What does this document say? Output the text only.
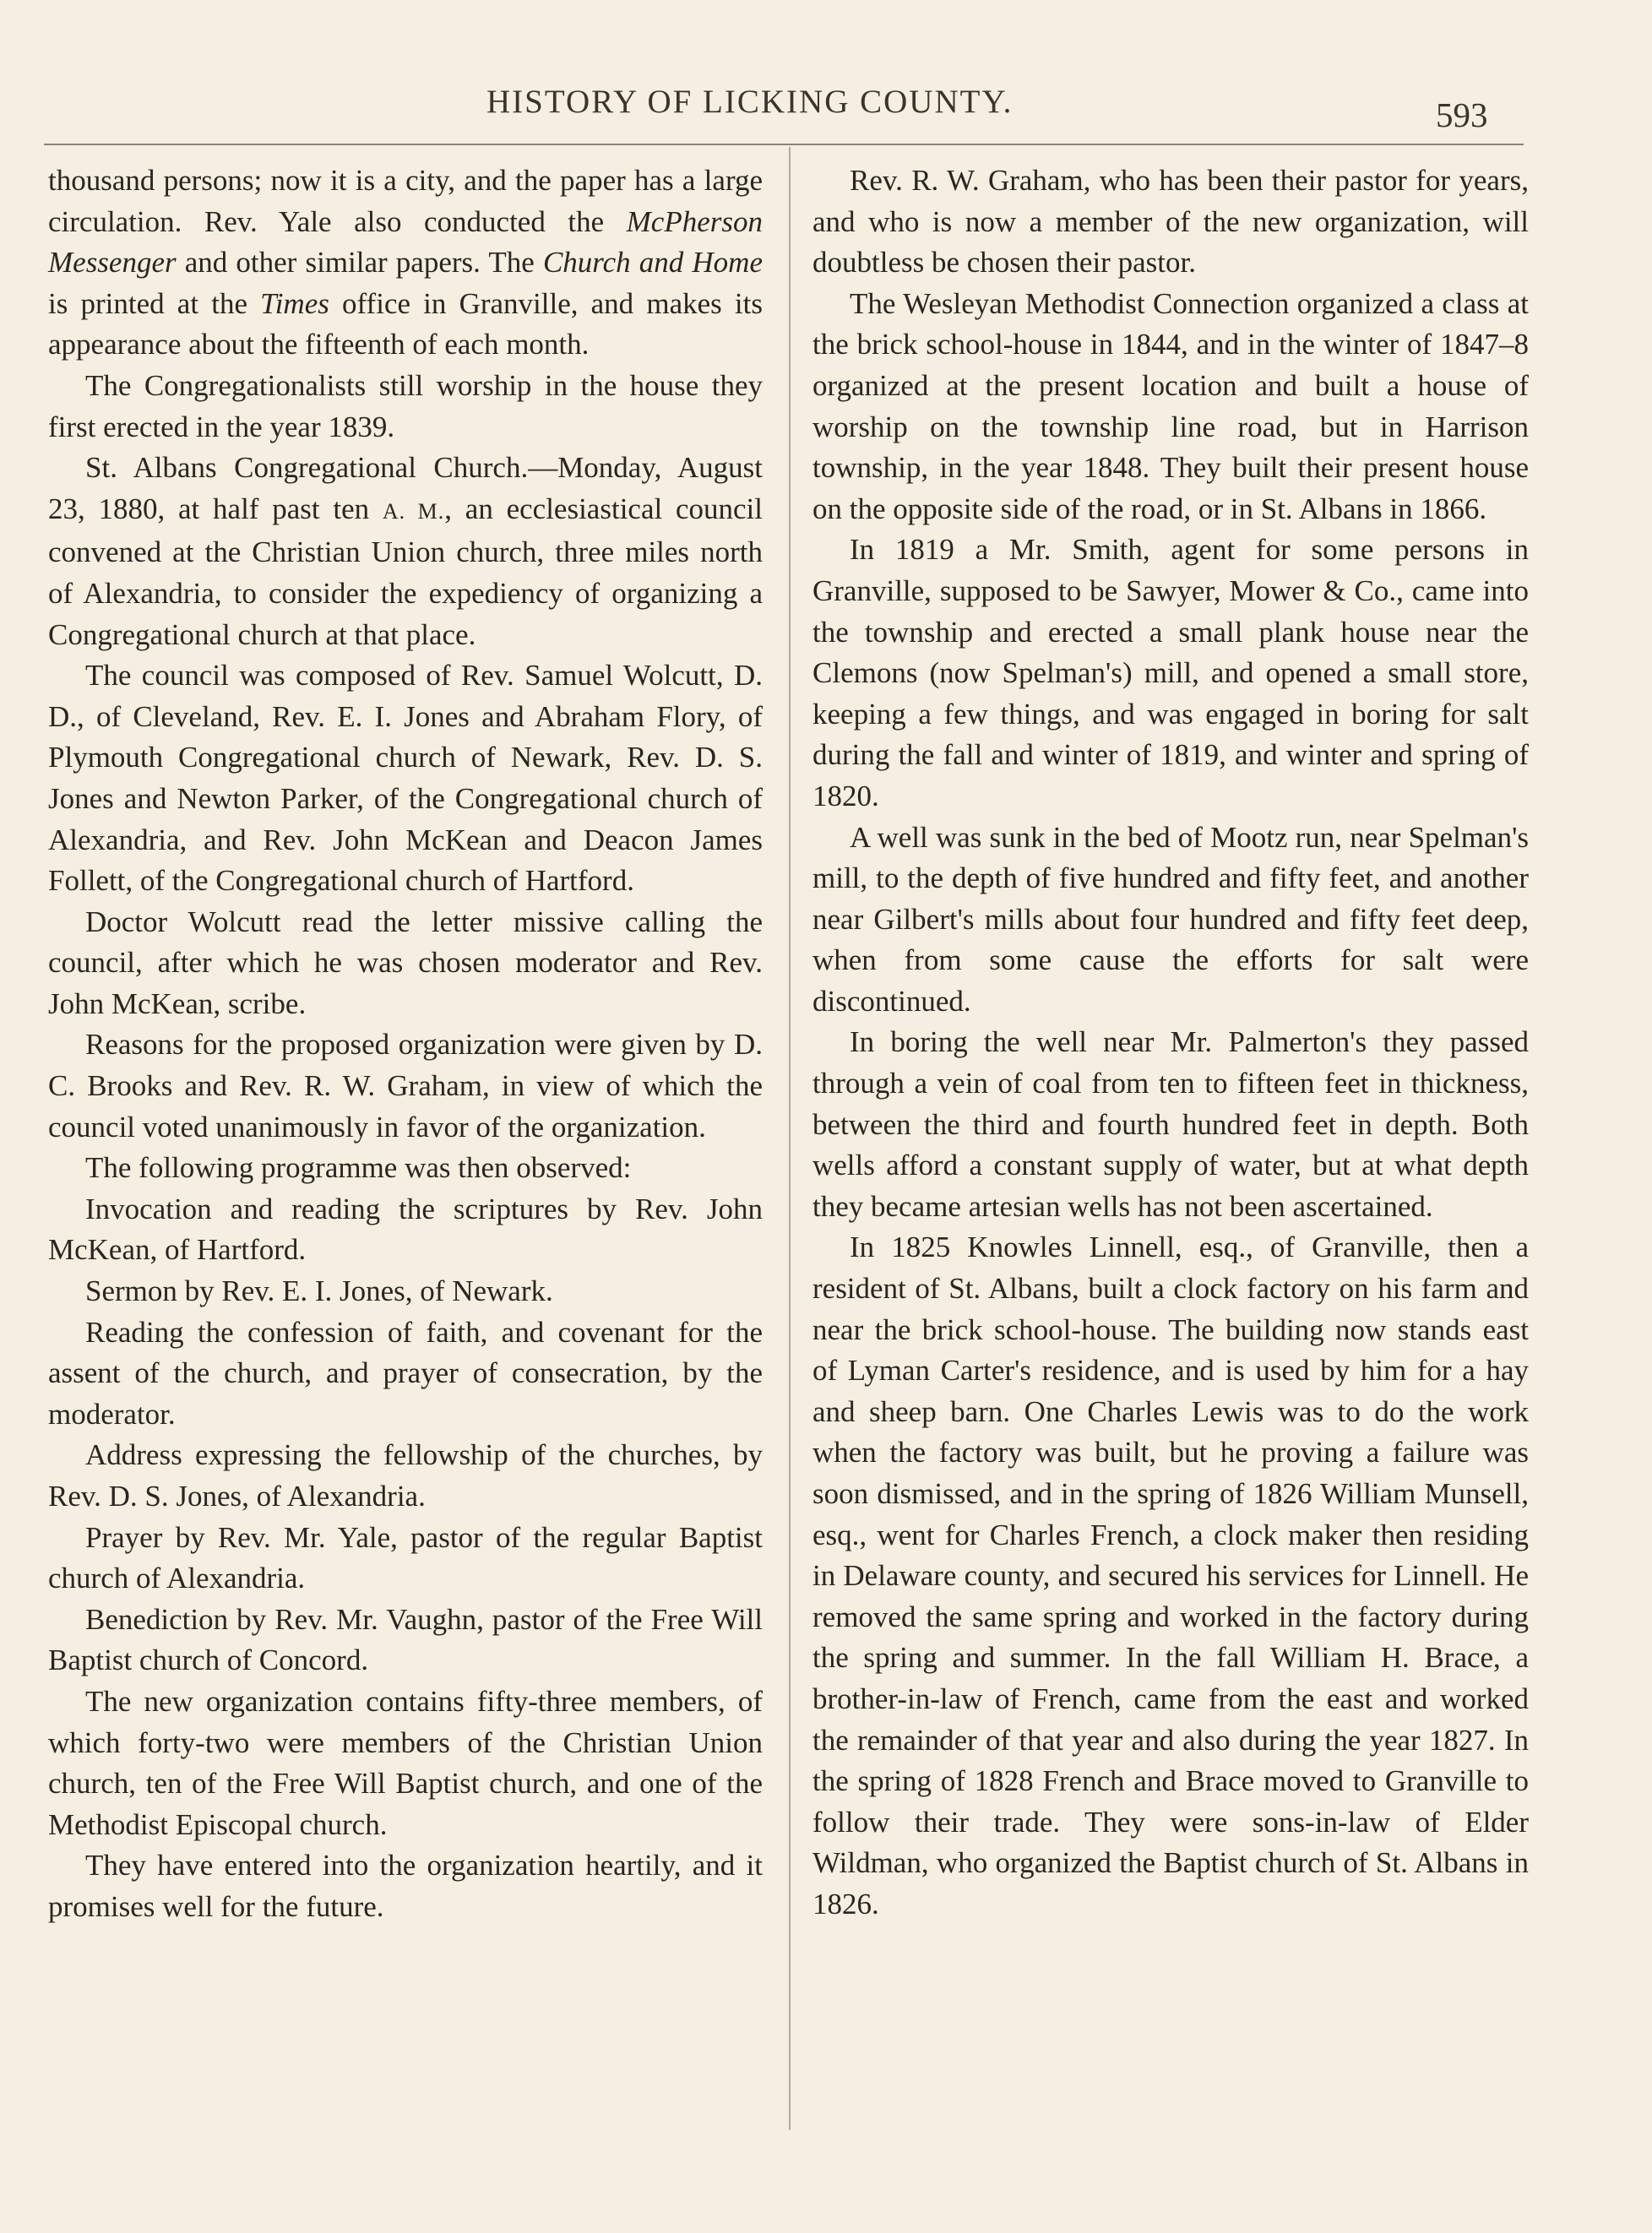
HISTORY OF LICKING COUNTY.	593

thousand persons; now it is a city, and the paper has a large circulation. Rev. Yale also conducted the McPherson Messenger and other similar papers. The Church and Home is printed at the Times office in Granville, and makes its appearance about the fifteenth of each month.

The Congregationalists still worship in the house they first erected in the year 1839.

St. Albans Congregational Church.—Monday, August 23, 1880, at half past ten A. M., an ecclesiastical council convened at the Christian Union church, three miles north of Alexandria, to consider the expediency of organizing a Congregational church at that place.

The council was composed of Rev. Samuel Wolcutt, D. D., of Cleveland, Rev. E. I. Jones and Abraham Flory, of Plymouth Congregational church of Newark, Rev. D. S. Jones and Newton Parker, of the Congregational church of Alexandria, and Rev. John McKean and Deacon James Follett, of the Congregational church of Hartford.

Doctor Wolcutt read the letter missive calling the council, after which he was chosen moderator and Rev. John McKean, scribe.

Reasons for the proposed organization were given by D. C. Brooks and Rev. R. W. Graham, in view of which the council voted unanimously in favor of the organization.

The following programme was then observed:

Invocation and reading the scriptures by Rev. John McKean, of Hartford.

Sermon by Rev. E. I. Jones, of Newark.

Reading the confession of faith, and covenant for the assent of the church, and prayer of consecration, by the moderator.

Address expressing the fellowship of the churches, by Rev. D. S. Jones, of Alexandria.

Prayer by Rev. Mr. Yale, pastor of the regular Baptist church of Alexandria.

Benediction by Rev. Mr. Vaughn, pastor of the Free Will Baptist church of Concord.

The new organization contains fifty-three members, of which forty-two were members of the Christian Union church, ten of the Free Will Baptist church, and one of the Methodist Episcopal church.

They have entered into the organization heartily, and it promises well for the future.

Rev. R. W. Graham, who has been their pastor for years, and who is now a member of the new organization, will doubtless be chosen their pastor.

The Wesleyan Methodist Connection organized a class at the brick school-house in 1844, and in the winter of 1847–8 organized at the present location and built a house of worship on the township line road, but in Harrison township, in the year 1848. They built their present house on the opposite side of the road, or in St. Albans in 1866.

In 1819 a Mr. Smith, agent for some persons in Granville, supposed to be Sawyer, Mower & Co., came into the township and erected a small plank house near the Clemons (now Spelman's) mill, and opened a small store, keeping a few things, and was engaged in boring for salt during the fall and winter of 1819, and winter and spring of 1820.

A well was sunk in the bed of Mootz run, near Spelman's mill, to the depth of five hundred and fifty feet, and another near Gilbert's mills about four hundred and fifty feet deep, when from some cause the efforts for salt were discontinued.

In boring the well near Mr. Palmerton's they passed through a vein of coal from ten to fifteen feet in thickness, between the third and fourth hundred feet in depth. Both wells afford a constant supply of water, but at what depth they became artesian wells has not been ascertained.

In 1825 Knowles Linnell, esq., of Granville, then a resident of St. Albans, built a clock factory on his farm and near the brick school-house. The building now stands east of Lyman Carter's residence, and is used by him for a hay and sheep barn. One Charles Lewis was to do the work when the factory was built, but he proving a failure was soon dismissed, and in the spring of 1826 William Munsell, esq., went for Charles French, a clock maker then residing in Delaware county, and secured his services for Linnell. He removed the same spring and worked in the factory during the spring and summer. In the fall William H. Brace, a brother-in-law of French, came from the east and worked the remainder of that year and also during the year 1827. In the spring of 1828 French and Brace moved to Granville to follow their trade. They were sons-in-law of Elder Wildman, who organized the Baptist church of St. Albans in 1826.
